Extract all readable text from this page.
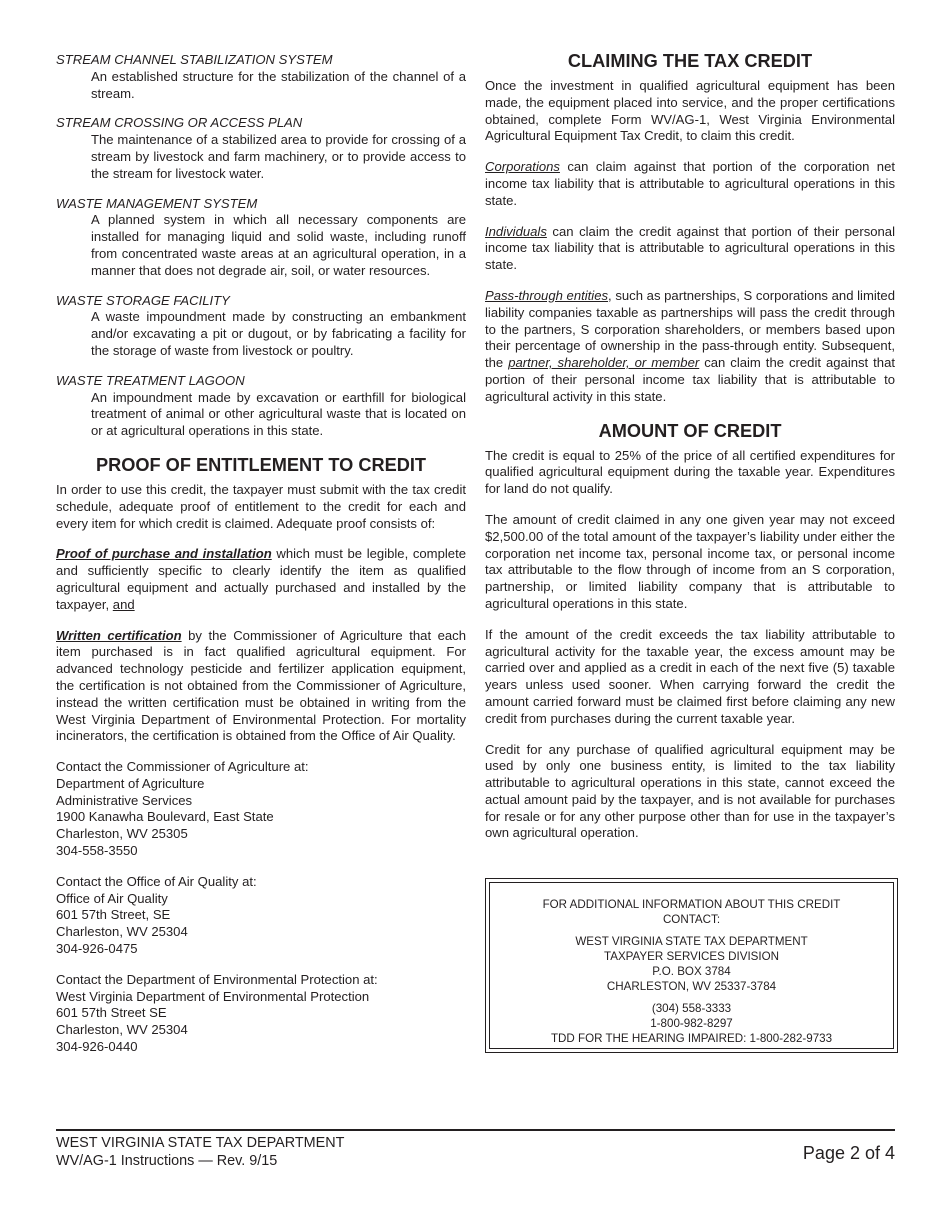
STREAM CHANNEL STABILIZATION SYSTEM

An established structure for the stabilization of the channel of a stream.

STREAM CROSSING OR ACCESS PLAN

The maintenance of a stabilized area to provide for crossing of a stream by livestock and farm machinery, or to provide access to the stream for livestock water.

WASTE MANAGEMENT SYSTEM

A planned system in which all necessary components are installed for managing liquid and solid waste, including runoff from concentrated waste areas at an agricultural operation, in a manner that does not degrade air, soil, or water resources.

WASTE STORAGE FACILITY

A waste impoundment made by constructing an embankment and/or excavating a pit or dugout, or by fabricating a facility for the storage of waste from livestock or poultry.

WASTE TREATMENT LAGOON

An impoundment made by excavation or earthfill for biological treatment of animal or other agricultural waste that is located on or at agricultural operations in this state.

PROOF OF ENTITLEMENT TO CREDIT

In order to use this credit, the taxpayer must submit with the tax credit schedule, adequate proof of entitlement to the credit for each and every item for which credit is claimed. Adequate proof consists of:

Proof of purchase and installation which must be legible, complete and sufficiently specific to clearly identify the item as qualified agricultural equipment and actually purchased and installed by the taxpayer, and

Written certification by the Commissioner of Agriculture that each item purchased is in fact qualified agricultural equipment. For advanced technology pesticide and fertilizer application equipment, the certification is not obtained from the Commissioner of Agriculture, instead the written certification must be obtained in writing from the West Virginia Department of Environmental Protection. For mortality incinerators, the certification is obtained from the Office of Air Quality.

Contact the Commissioner of Agriculture at:
Department of Agriculture
Administrative Services
1900 Kanawha Boulevard, East State
Charleston, WV 25305
304-558-3550

Contact the Office of Air Quality at:
Office of Air Quality
601 57th Street, SE
Charleston, WV 25304
304-926-0475

Contact the Department of Environmental Protection at:
West Virginia Department of Environmental Protection
601 57th Street SE
Charleston, WV 25304
304-926-0440

CLAIMING THE TAX CREDIT

Once the investment in qualified agricultural equipment has been made, the equipment placed into service, and the proper certifications obtained, complete Form WV/AG-1, West Virginia Environmental Agricultural Equipment Tax Credit, to claim this credit.

Corporations can claim against that portion of the corporation net income tax liability that is attributable to agricultural operations in this state.

Individuals can claim the credit against that portion of their personal income tax liability that is attributable to agricultural operations in this state.

Pass-through entities, such as partnerships, S corporations and limited liability companies taxable as partnerships will pass the credit through to the partners, S corporation shareholders, or members based upon their percentage of ownership in the pass-through entity. Subsequent, the partner, shareholder, or member can claim the credit against that portion of their personal income tax liability that is attributable to agricultural activity in this state.

AMOUNT OF CREDIT

The credit is equal to 25% of the price of all certified expenditures for qualified agricultural equipment during the taxable year. Expenditures for land do not qualify.

The amount of credit claimed in any one given year may not exceed $2,500.00 of the total amount of the taxpayer’s liability under either the corporation net income tax, personal income tax, or personal income tax attributable to the flow through of income from an S corporation, partnership, or limited liability company that is attributable to agricultural operations in this state.

If the amount of the credit exceeds the tax liability attributable to agricultural activity for the taxable year, the excess amount may be carried over and applied as a credit in each of the next five (5) taxable years unless used sooner. When carrying forward the credit the amount carried forward must be claimed first before claiming any new credit from purchases during the current taxable year.

Credit for any purchase of qualified agricultural equipment may be used by only one business entity, is limited to the tax liability attributable to agricultural operations in this state, cannot exceed the actual amount paid by the taxpayer, and is not available for purchases for resale or for any other purpose other than for use in the taxpayer’s own agricultural operation.

FOR ADDITIONAL INFORMATION ABOUT THIS CREDIT
CONTACT:
WEST VIRGINIA STATE TAX DEPARTMENT
TAXPAYER SERVICES DIVISION
P.O. BOX 3784
CHARLESTON, WV 25337-3784
(304) 558-3333
1-800-982-8297
TDD FOR THE HEARING IMPAIRED: 1-800-282-9733
WEST VIRGINIA STATE TAX DEPARTMENT
WV/AG-1 Instructions — Rev. 9/15	Page 2 of 4
